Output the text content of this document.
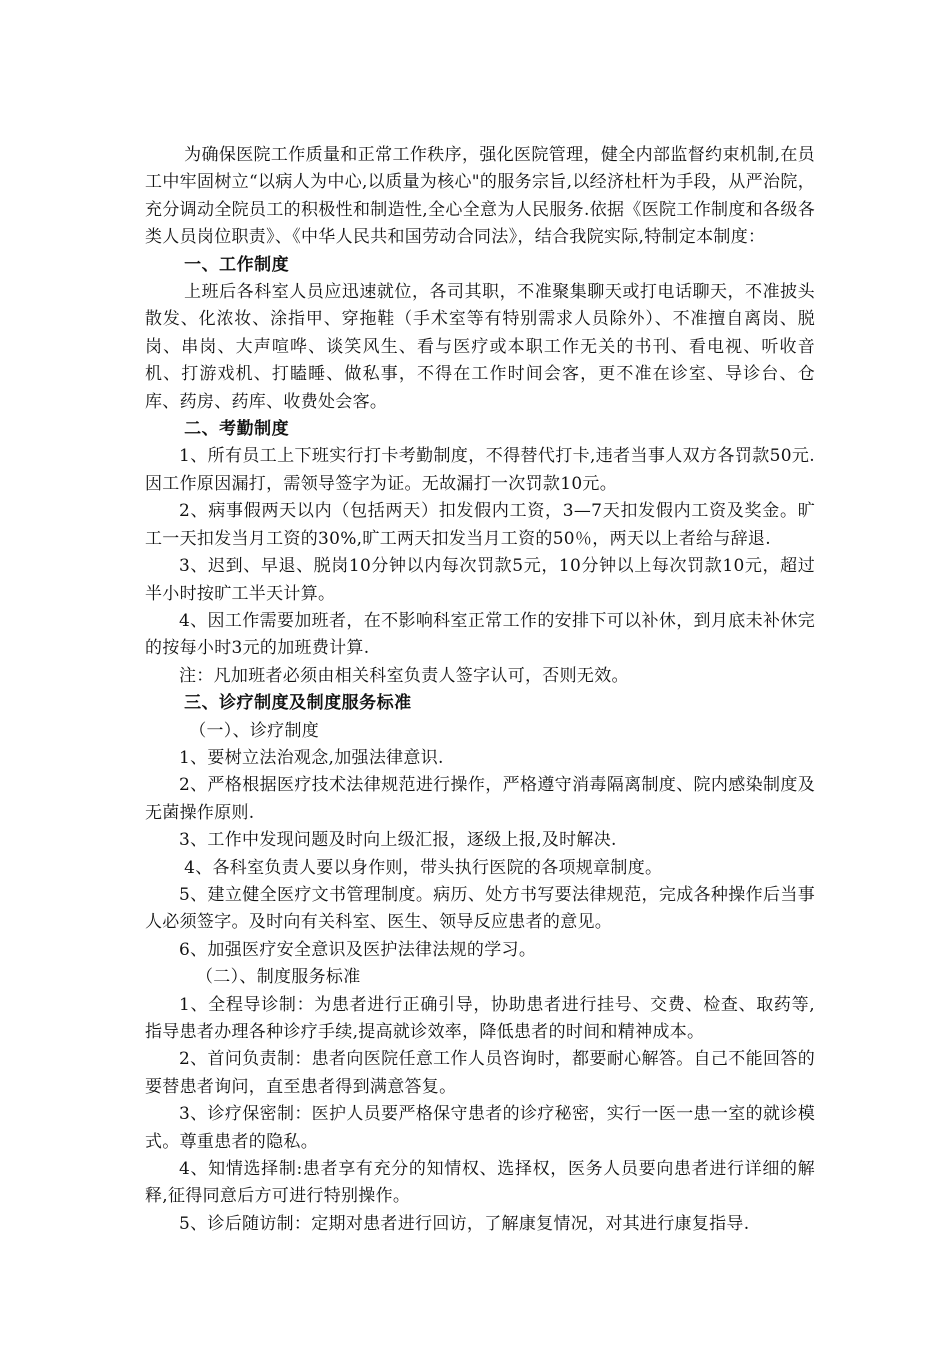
为确保医院工作质量和正常工作秩序，强化医院管理，健全内部监督约束机制,在员工中牢固树立“以病人为中心,以质量为核心"的服务宗旨,以经济杜杆为手段，从严治院，充分调动全院员工的积极性和制造性,全心全意为人民服务.依据《医院工作制度和各级各类人员岗位职责》、《中华人民共和国劳动合同法》，结合我院实际,特制定本制度：

一、工作制度

上班后各科室人员应迅速就位，各司其职，不准聚集聊天或打电话聊天，不准披头散发、化浓妆、涂指甲、穿拖鞋（手术室等有特别需求人员除外）、不准擅自离岗、脱岗、串岗、大声喧哗、谈笑风生、看与医疗或本职工作无关的书刊、看电视、听收音机、打游戏机、打瞌睡、做私事，不得在工作时间会客，更不准在诊室、导诊台、仓库、药房、药库、收费处会客。

二、考勤制度

1、所有员工上下班实行打卡考勤制度，不得替代打卡,违者当事人双方各罚款50元.因工作原因漏打，需领导签字为证。无故漏打一次罚款10元。

2、病事假两天以内（包括两天）扣发假内工资，3—7天扣发假内工资及奖金。旷工一天扣发当月工资的30%,旷工两天扣发当月工资的50％，两天以上者给与辞退.

3、迟到、早退、脱岗10分钟以内每次罚款5元，10分钟以上每次罚款10元，超过半小时按旷工半天计算。

4、因工作需要加班者，在不影响科室正常工作的安排下可以补休，到月底未补休完的按每小时3元的加班费计算.

注：凡加班者必须由相关科室负责人签字认可，否则无效。

三、诊疗制度及制度服务标准

（一）、诊疗制度

1、要树立法治观念,加强法律意识.

2、严格根据医疗技术法律规范进行操作，严格遵守消毒隔离制度、院内感染制度及无菌操作原则.

3、工作中发现问题及时向上级汇报，逐级上报,及时解决.

4、各科室负责人要以身作则，带头执行医院的各项规章制度。

5、建立健全医疗文书管理制度。病历、处方书写要法律规范，完成各种操作后当事人必须签字。及时向有关科室、医生、领导反应患者的意见。

6、加强医疗安全意识及医护法律法规的学习。

（二）、制度服务标准

1、全程导诊制：为患者进行正确引导，协助患者进行挂号、交费、检查、取药等,指导患者办理各种诊疗手续,提高就诊效率，降低患者的时间和精神成本。

2、首问负责制：患者向医院任意工作人员咨询时，都要耐心解答。自己不能回答的要替患者询问，直至患者得到满意答复。

3、诊疗保密制：医护人员要严格保守患者的诊疗秘密，实行一医一患一室的就诊模式。尊重患者的隐私。

4、知情选择制:患者享有充分的知情权、选择权，医务人员要向患者进行详细的解释,征得同意后方可进行特别操作。

5、诊后随访制：定期对患者进行回访，了解康复情况，对其进行康复指导.
